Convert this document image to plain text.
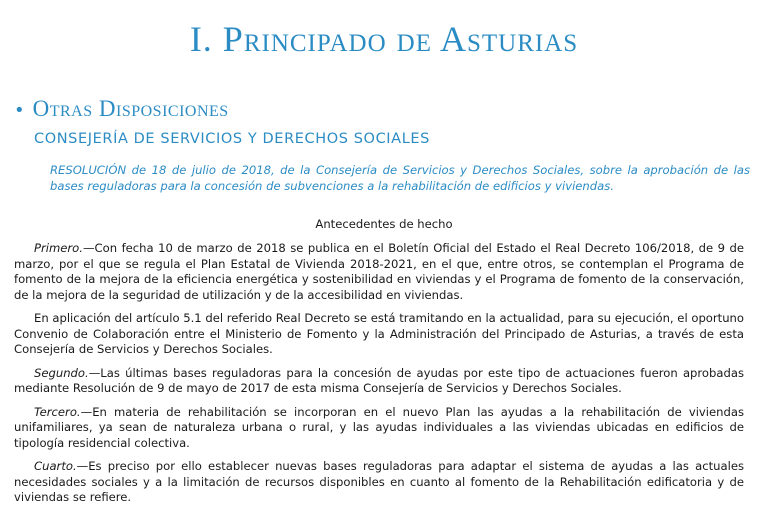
I. Principado de Asturias
• Otras Disposiciones
CONSEJERÍA DE SERVICIOS Y DERECHOS SOCIALES
RESOLUCIÓN de 18 de julio de 2018, de la Consejería de Servicios y Derechos Sociales, sobre la aprobación de las bases reguladoras para la concesión de subvenciones a la rehabilitación de edificios y viviendas.
Antecedentes de hecho

Primero.—Con fecha 10 de marzo de 2018 se publica en el Boletín Oficial del Estado el Real Decreto 106/2018, de 9 de marzo, por el que se regula el Plan Estatal de Vivienda 2018-2021, en el que, entre otros, se contemplan el Programa de fomento de la mejora de la eficiencia energética y sostenibilidad en viviendas y el Programa de fomento de la conservación, de la mejora de la seguridad de utilización y de la accesibilidad en viviendas.

En aplicación del artículo 5.1 del referido Real Decreto se está tramitando en la actualidad, para su ejecución, el oportuno Convenio de Colaboración entre el Ministerio de Fomento y la Administración del Principado de Asturias, a través de esta Consejería de Servicios y Derechos Sociales.

Segundo.—Las últimas bases reguladoras para la concesión de ayudas por este tipo de actuaciones fueron aprobadas mediante Resolución de 9 de mayo de 2017 de esta misma Consejería de Servicios y Derechos Sociales.

Tercero.—En materia de rehabilitación se incorporan en el nuevo Plan las ayudas a la rehabilitación de viviendas unifamiliares, ya sean de naturaleza urbana o rural, y las ayudas individuales a las viviendas ubicadas en edificios de tipología residencial colectiva.

Cuarto.—Es preciso por ello establecer nuevas bases reguladoras para adaptar el sistema de ayudas a las actuales necesidades sociales y a la limitación de recursos disponibles en cuanto al fomento de la Rehabilitación edificatoria y de viviendas se refiere.
